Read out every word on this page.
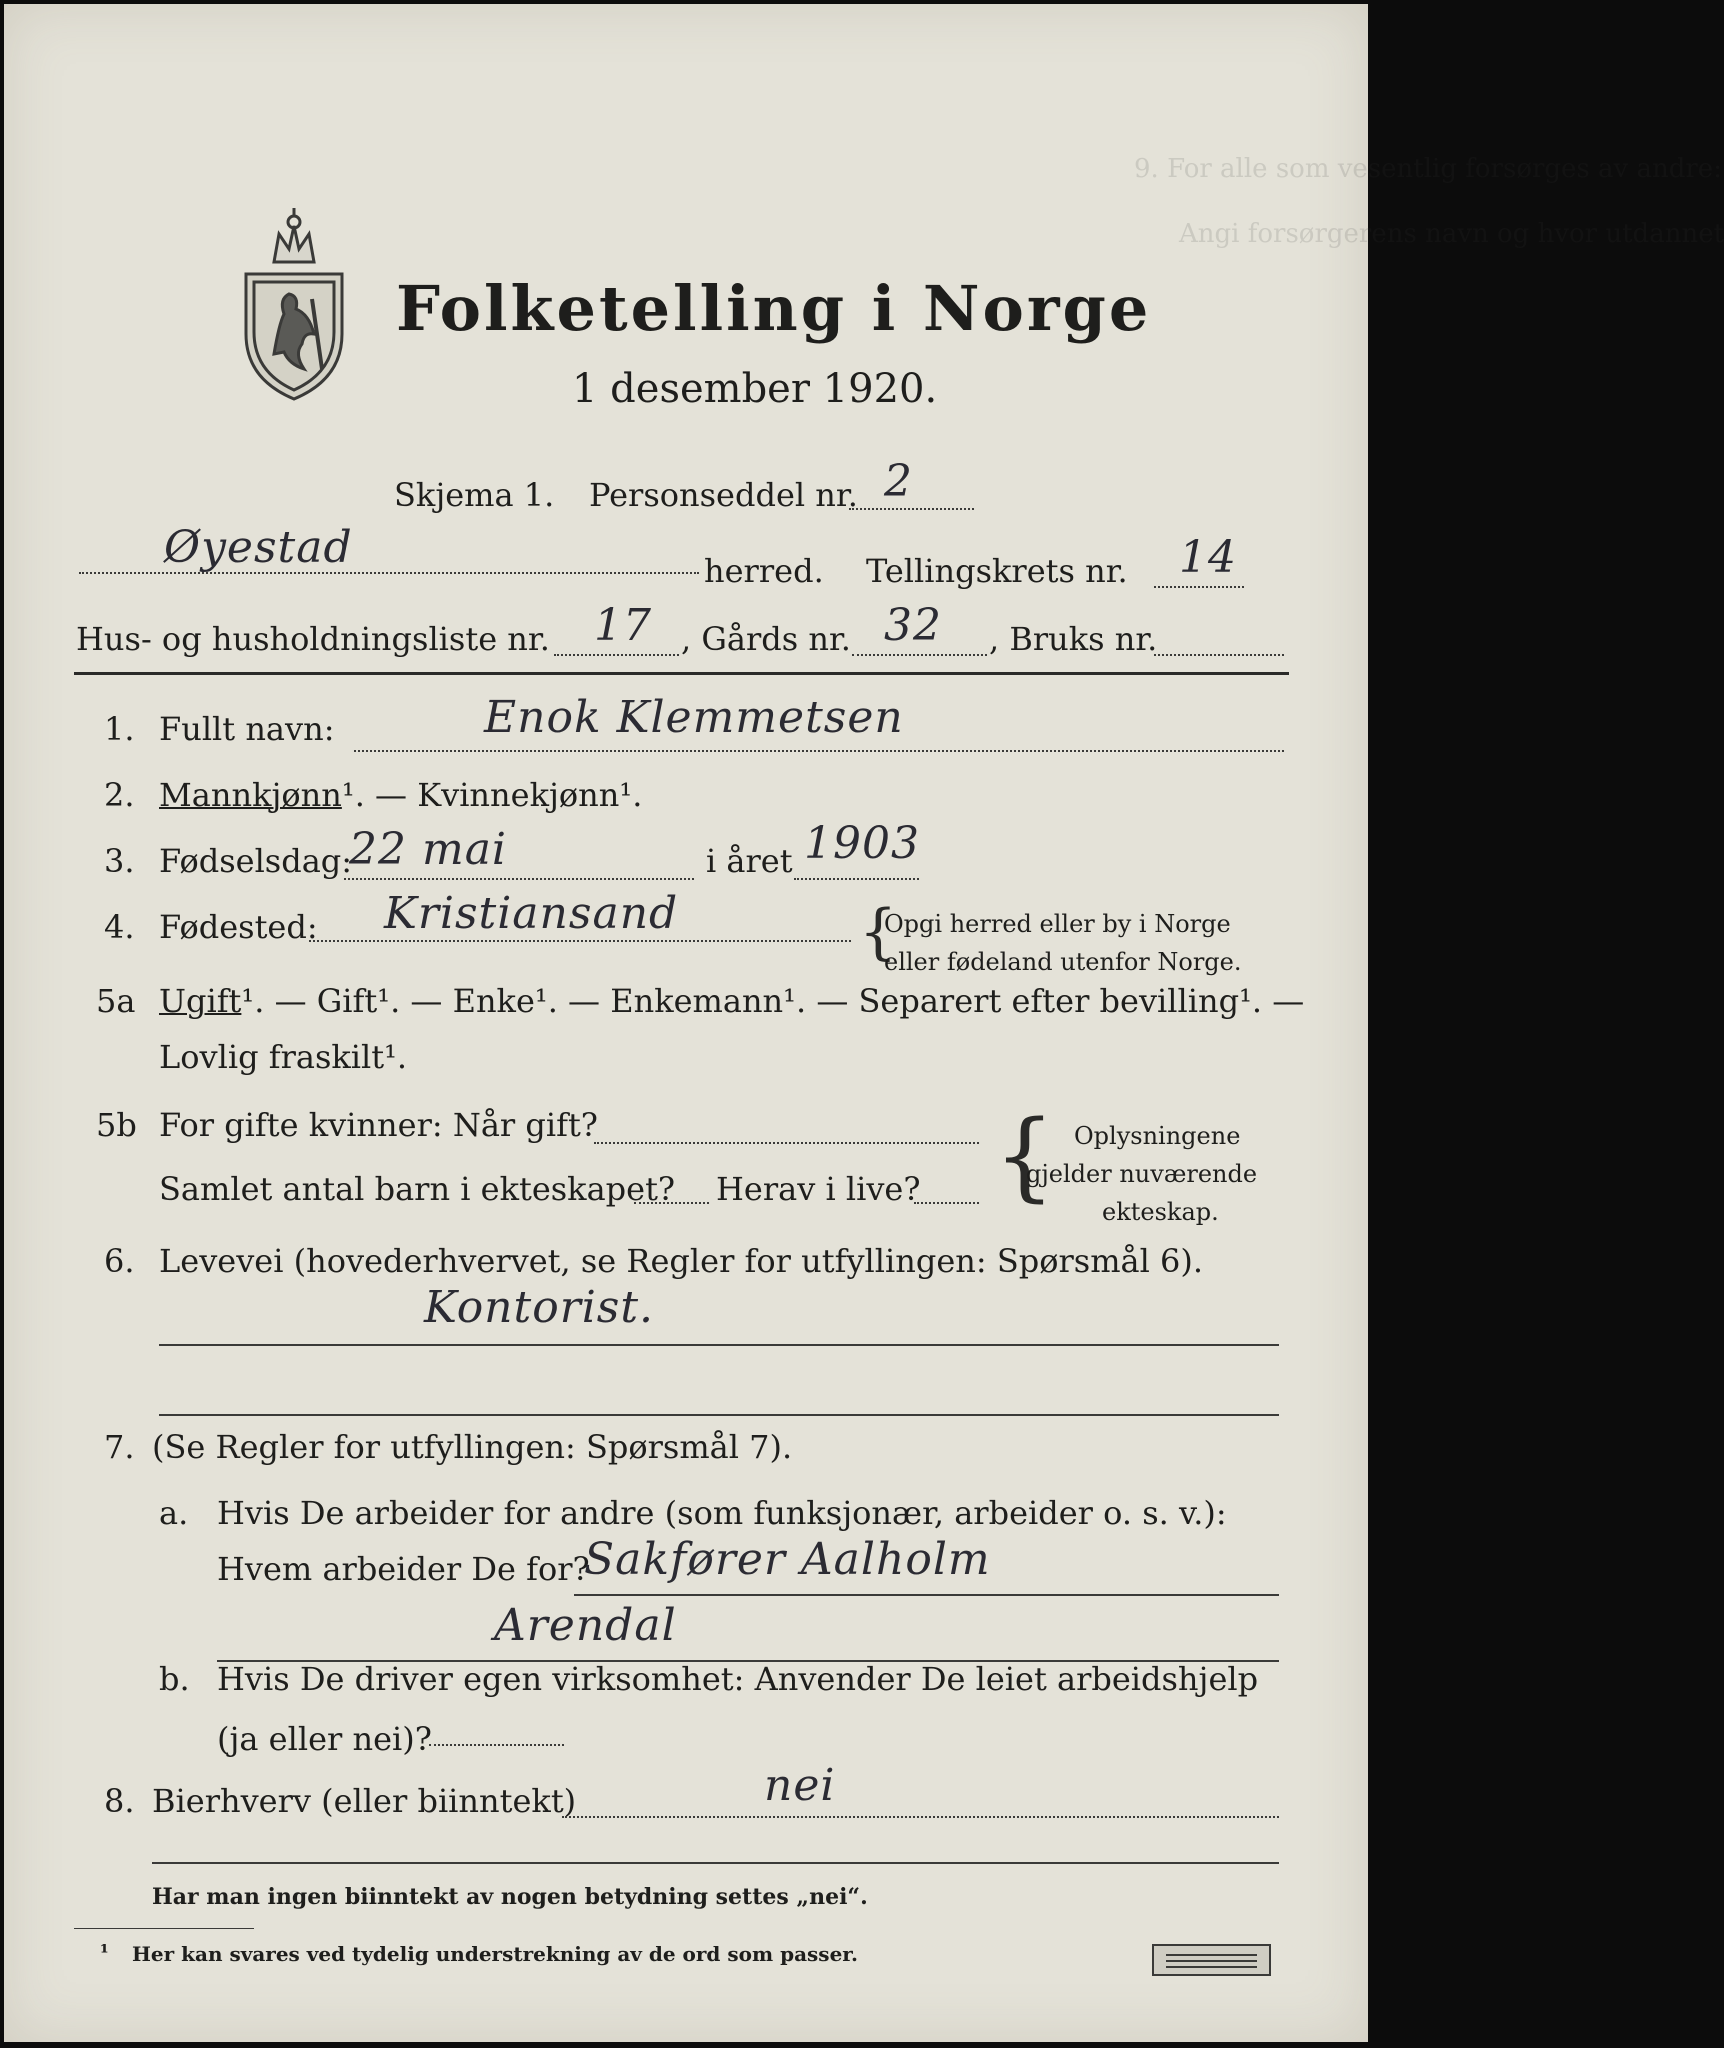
9. For alle som vesentlig forsørges av andre:
Angi forsørgerens navn og hvor utdannet
Folketelling i Norge
1 desember 1920.
Skjema 1. Personseddel nr. 2
Øyestad	herred. Tellingskrets nr. 14
Hus- og husholdningsliste nr. 17 , Gårds nr. 32 , Bruks nr.
1. Fullt navn:	Enok Klemmetsen
2. Mannkjønn¹. — Kvinnekjønn¹.
3. Fødselsdag:
22 mai	i året 1903
4. Fødested: Kristiansand	{
Opgi herred eller by i Norge
eller fødeland utenfor Norge.
5a Ugift¹. — Gift¹. — Enke¹. — Enkemann¹. — Separert efter bevilling¹. —
Lovlig fraskilt¹.
5b For gifte kvinner: Når gift?
Samlet antal barn i ekteskapet? Herav i live? { Oplysningene
gjelder nuværende
ekteskap.
6. Levevei (hovederhvervet, se Regler for utfyllingen: Spørsmål 6).
Kontorist.
7. (Se Regler for utfyllingen: Spørsmål 7).
a. Hvis De arbeider for andre (som funksjonær, arbeider o. s. v.):
Hvem arbeider De for?
Sakfører Aalholm
Arendal
b. Hvis De driver egen virksomhet: Anvender De leiet arbeidshjelp
(ja eller nei)?
8. Bierhverv (eller biinntekt)	nei
Har man ingen biinntekt av nogen betydning settes „nei“.
¹ Her kan svares ved tydelig understrekning av de ord som passer.
